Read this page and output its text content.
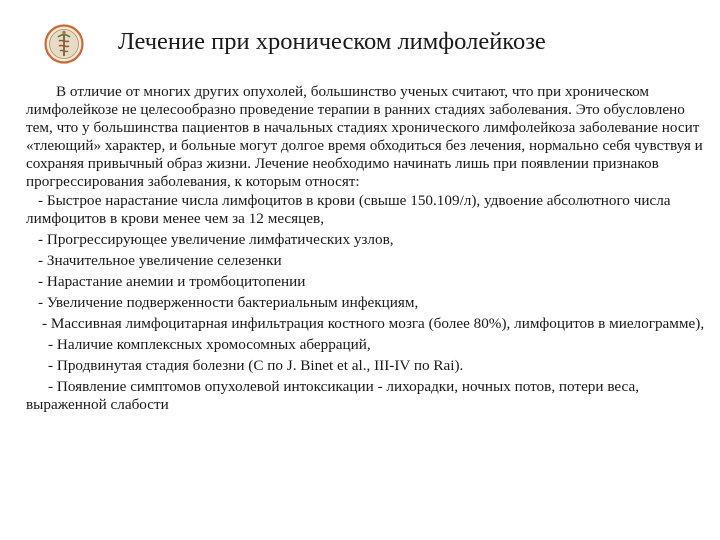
Лечение при хроническом лимфолейкозе

В отличие от многих других опухолей, большинство ученых считают, что при хроническом лимфолейкозе не целесообразно проведение терапии в ранних стадиях заболевания. Это обусловлено тем, что у большинства пациентов в начальных стадиях хронического лимфолейкоза заболевание носит «тлеющий» характер, и больные могут долгое время обходиться без лечения, нормально себя чувствуя и сохраняя привычный образ жизни. Лечение необходимо начинать лишь при появлении признаков прогрессирования заболевания, к которым относят:

- Быстрое нарастание числа лимфоцитов в крови (свыше 150.109/л), удвоение абсолютного числа лимфоцитов в крови менее чем за 12 месяцев,

- Прогрессирующее увеличение лимфатических узлов,

- Значительное увеличение селезенки

- Нарастание анемии и тромбоцитопении

- Увеличение подверженности бактериальным инфекциям,

- Массивная лимфоцитарная инфильтрация костного мозга (более 80%), лимфоцитов в миелограмме),

- Наличие комплексных хромосомных аберраций,

- Продвинутая стадия болезни (С по J. Binet et al., III-IV по Rai).

- Появление симптомов опухолевой интоксикации - лихорадки, ночных потов, потери веса, выраженной слабости
